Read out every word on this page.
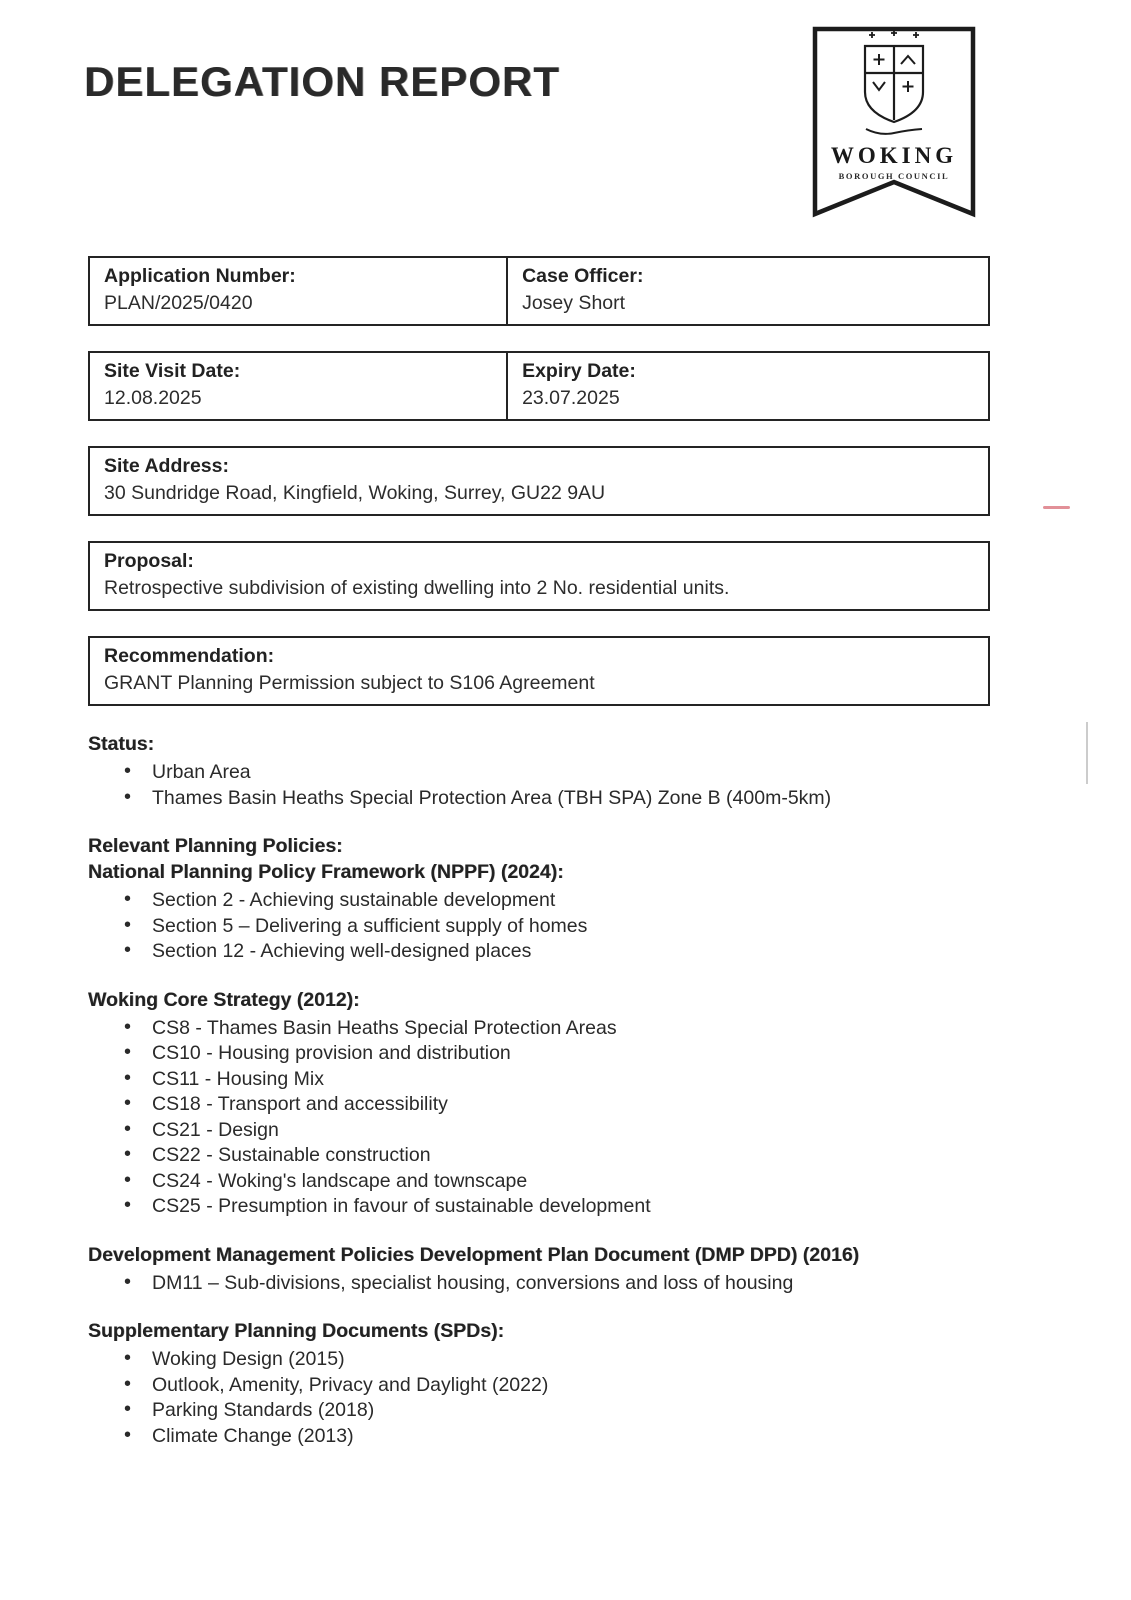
DELEGATION REPORT
WOKING
BOROUGH COUNCIL

Application Number:

PLAN/2025/0420

Case Officer:

Josey Short

Site Visit Date:

12.08.2025

Expiry Date:

23.07.2025

Site Address:

30 Sundridge Road, Kingfield, Woking, Surrey, GU22 9AU

Proposal:

Retrospective subdivision of existing dwelling into 2 No. residential units.

Recommendation:

GRANT Planning Permission subject to S106 Agreement

Status:
• Urban Area
• Thames Basin Heaths Special Protection Area (TBH SPA) Zone B (400m-5km)
Relevant Planning Policies:
National Planning Policy Framework (NPPF) (2024):
• Section 2 - Achieving sustainable development
• Section 5 – Delivering a sufficient supply of homes
• Section 12 - Achieving well-designed places
Woking Core Strategy (2012):
• CS8 - Thames Basin Heaths Special Protection Areas
• CS10 - Housing provision and distribution
• CS11 - Housing Mix
• CS18 - Transport and accessibility
• CS21 - Design
• CS22 - Sustainable construction
• CS24 - Woking's landscape and townscape
• CS25 - Presumption in favour of sustainable development
Development Management Policies Development Plan Document (DMP DPD) (2016)
• DM11 – Sub-divisions, specialist housing, conversions and loss of housing
Supplementary Planning Documents (SPDs):
• Woking Design (2015)
• Outlook, Amenity, Privacy and Daylight (2022)
• Parking Standards (2018)
• Climate Change (2013)
